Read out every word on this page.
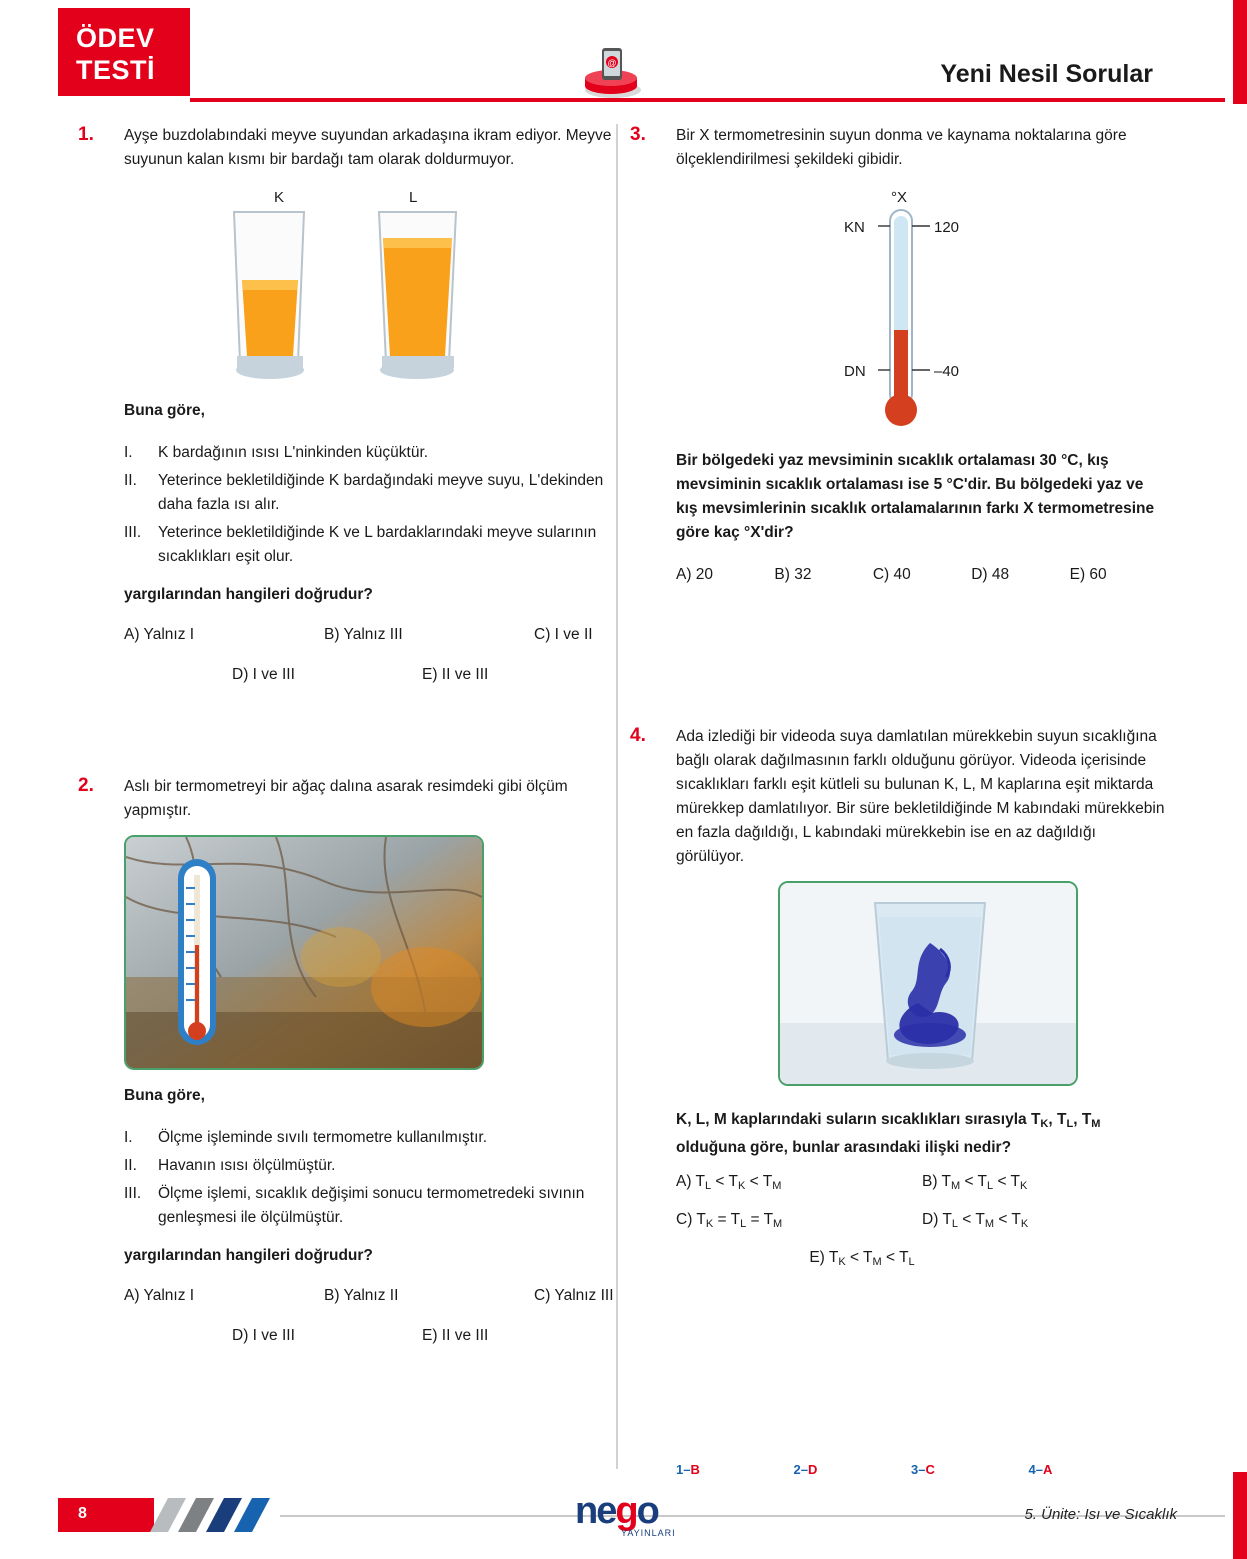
ÖDEV
TESTİ	@	Yeni Nesil Sorular
1.	Ayşe buzdolabındaki meyve suyundan arkadaşına ikram ediyor. Meyve suyunun kalan kısmı bir bardağı tam olarak doldurmuyor.
K	L
Buna göre,
I.	K bardağının ısısı L'ninkinden küçüktür.
II.	Yeterince bekletildiğinde K bardağındaki meyve suyu, L'dekinden daha fazla ısı alır.
III.	Yeterince bekletildiğinde K ve L bardaklarındaki meyve sularının sıcaklıkları eşit olur.
yargılarından hangileri doğrudur?
A) Yalnız I	B) Yalnız III	C) I ve II
D) I ve III	E) II ve III
2.	Aslı bir termometreyi bir ağaç dalına asarak resimdeki gibi ölçüm yapmıştır.
Buna göre,
I.	Ölçme işleminde sıvılı termometre kullanılmıştır.
II.	Havanın ısısı ölçülmüştür.
III.	Ölçme işlemi, sıcaklık değişimi sonucu termometredeki sıvının genleşmesi ile ölçülmüştür.
yargılarından hangileri doğrudur?
A) Yalnız I	B) Yalnız II	C) Yalnız III
D) I ve III	E) II ve III
3.	Bir X termometresinin suyun donma ve kaynama noktalarına göre ölçeklendirilmesi şekildeki gibidir.
°X
KN	120
DN	–40
Bir bölgedeki yaz mevsiminin sıcaklık ortalaması 30 °C, kış mevsiminin sıcaklık ortalaması ise 5 °C'dir. Bu bölgedeki yaz ve kış mevsimlerinin sıcaklık ortalamalarının farkı X termometresine göre kaç °X'dir?
A) 20	B) 32	C) 40	D) 48	E) 60
4.	Ada izlediği bir videoda suya damlatılan mürekkebin suyun sıcaklığına bağlı olarak dağılmasının farklı olduğunu görüyor. Videoda içerisinde sıcaklıkları farklı eşit kütleli su bulunan K, L, M kaplarına eşit miktarda mürekkep damlatılıyor. Bir süre bekletildiğinde M kabındaki mürekkebin en fazla dağıldığı, L kabındaki mürekkebin ise en az dağıldığı görülüyor.
K, L, M kaplarındaki suların sıcaklıkları sırasıyla $T_K$, $T_L$, $T_M$ olduğuna göre, bunlar arasındaki ilişki nedir?
A) $T_L < T_K < T_M$	B) $T_M < T_L < T_K$
C) $T_K = T_L = T_M$	D) $T_L < T_M < T_K$
E) $T_K < T_M < T_L$
1–B	2–D	3–C	4–A
8	nego
YAYINLARI
5. Ünite: Isı ve Sıcaklık
